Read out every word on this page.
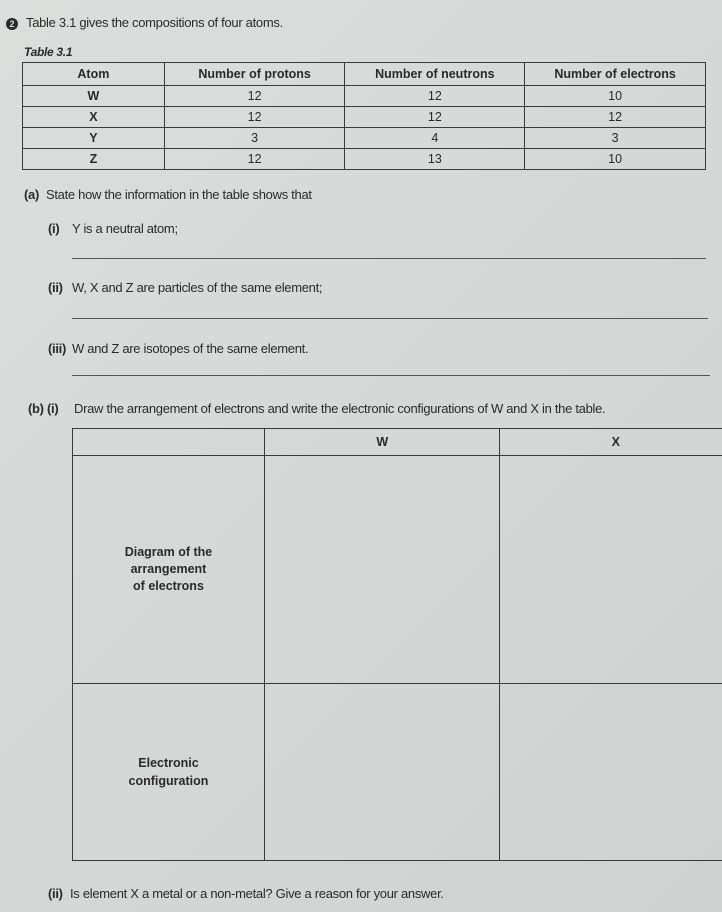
2 Table 3.1 gives the compositions of four atoms.
Table 3.1
Atom	Number of protons	Number of neutrons	Number of electrons
W	12	12	10
X	12	12	12
Y	3	4	3
Z	12	13	10
(a) State how the information in the table shows that
(i) Y is a neutral atom;
(ii) W, X and Z are particles of the same element;
(iii) W and Z are isotopes of the same element.
(b) (i) Draw the arrangement of electrons and write the electronic configurations of W and X in the table.
	W	X
Diagram of the arrangement of electrons		
Electronic configuration		
(ii) Is element X a metal or a non-metal? Give a reason for your answer.
